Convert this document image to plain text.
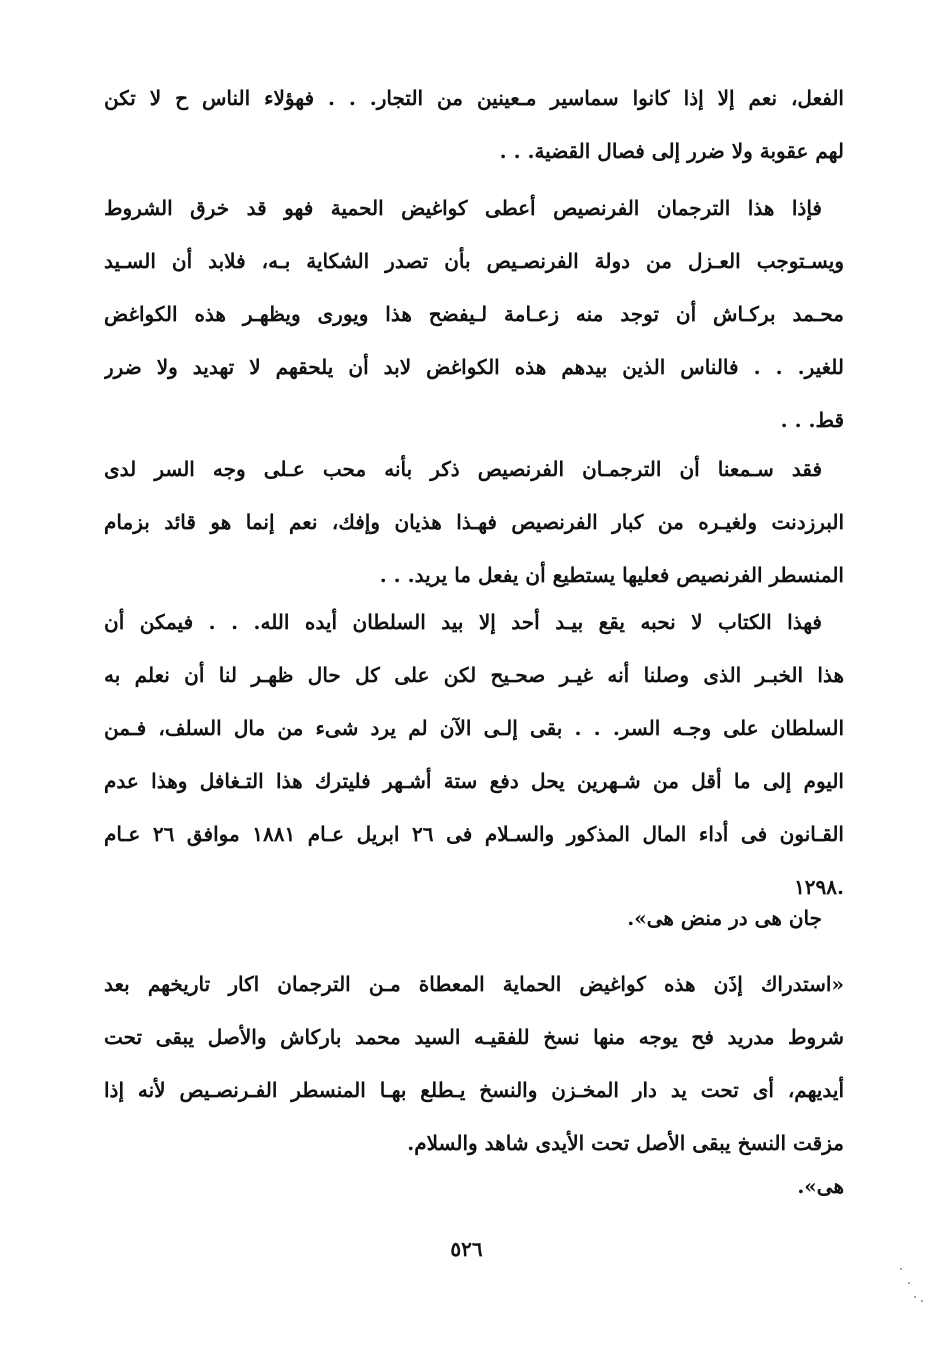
الفعل، نعم إلا إذا كانوا سماسير مـعينين من التجار. . . فهؤلاء الناس ح لا تكن
لهم عقوبة ولا ضرر إلى فصال القضية. . .
فإذا هذا الترجمان الفرنصيص أعطى كواغيض الحمية فهو قد خرق الشروط
ويسـتوجب العـزل من دولة الفرنصـيص بأن تصدر الشكاية بـه، فلابد أن السـيد
محـمد بركـاش أن توجد منه زعـامة لـيفضح هذا ويورى ويظهـر هذه الكواغض
للغير. . . فالناس الذين بيدهم هذه الكواغض لابد أن يلحقهم لا تهديد ولا ضرر
قط. . .
فقد سـمعنا أن الترجمـان الفرنصيص ذكر بأنه محب عـلى وجه السر لدى
البرزدنت ولغيـره من كبار الفرنصيص فهـذا هذيان وإفك، نعم إنما هو قائد بزمام
المنسطر الفرنصيص فعليها يستطيع أن يفعل ما يريد. . .
فهذا الكتاب لا نحبه يقع بيـد أحد إلا بيد السلطان أيده الله. . . فيمكن أن
هذا الخبـر الذى وصلنا أنه غيـر صحـيح لكن على كل حال ظهـر لنا أن نعلم به
السلطان على وجـه السر. . . بقى إلـى الآن لم يرد شىء من مال السلف، فـمن
اليوم إلى ما أقل من شـهرين يحل دفع ستة أشـهر فليترك هذا التـغافل وهذا عدم
القـانون فى أداء المال المذكور والسـلام فى ٢٦ ابريل عـام ١٨٨١ موافق ٢٦ عـام
.١٢٩٨
جان هى در منض هى».
«استدراك إذَن هذه كواغيض الحماية المعطاة مـن الترجمان اكار تاريخهم بعد
شروط مدريد فح يوجه منها نسخ للفقيـه السيد محمد باركاش والأصل يبقى تحت
أيديهم، أى تحت يد دار المخـزن والنسخ يـطلع بهـا المنسطر الفـرنصـيص لأنه إذا
مزقت النسخ يبقى الأصل تحت الأيدى شاهد والسلام.
هى».
٥٢٦
